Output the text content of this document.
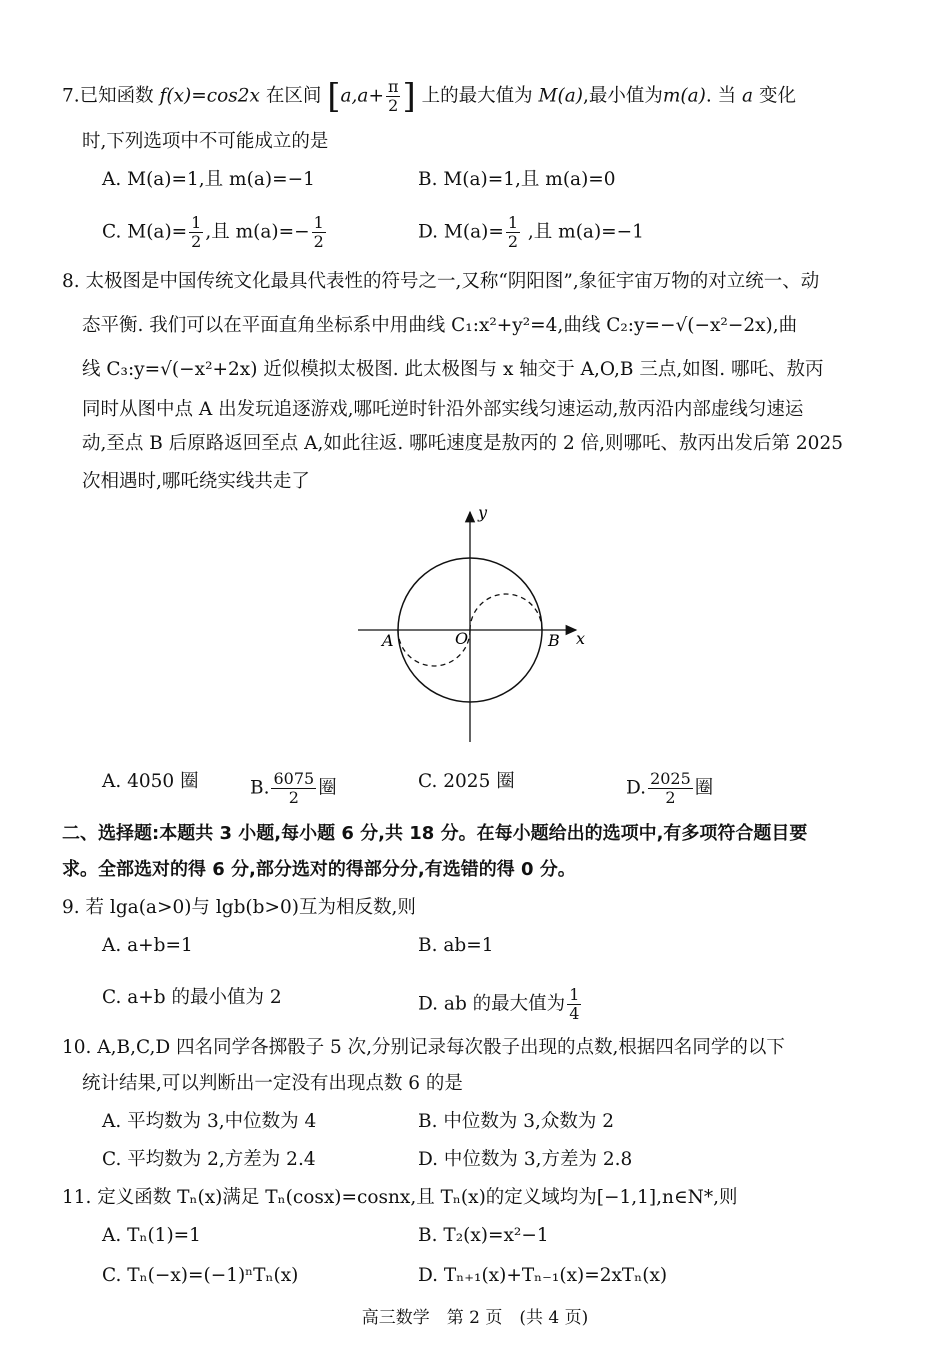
7.已知函数 f(x)=cos2x 在区间 [$a,a+ \frac{\pi}{2}$ ] 上的最大值为 M(a),最小值为m(a). 当 a 变化
时,下列选项中不可能成立的是
A. M(a)=1,且 m(a)=−1	B. M(a)=1,且 m(a)=0
C. $M(a)= \frac{1}{2}$ ,且 $m(a)=- \frac{1}{2}$	D. $M(a)= \frac{1}{2}$ ,且 m(a)=−1
8. 太极图是中国传统文化最具代表性的符号之一,又称“阴阳图”,象征宇宙万物的对立统一、动
态平衡. 我们可以在平面直角坐标系中用曲线 C₁:x²+y²=4,曲线 C₂:y=−√(−x²−2x),曲
线 C₃:y=√(−x²+2x) 近似模拟太极图. 此太极图与 x 轴交于 A,O,B 三点,如图. 哪吒、敖丙
同时从图中点 A 出发玩追逐游戏,哪吒逆时针沿外部实线匀速运动,敖丙沿内部虚线匀速运
动,至点 B 后原路返回至点 A,如此往返. 哪吒速度是敖丙的 2 倍,则哪吒、敖丙出发后第 2025
次相遇时,哪吒绕实线共走了
y
x
A	O	B
A. 4050 圈	B. $\frac{6075}{2}$ 圈	C. 2025 圈	D. $\frac{2025}{2}$ 圈
二、选择题:本题共 3 小题,每小题 6 分,共 18 分。在每小题给出的选项中,有多项符合题目要
求。全部选对的得 6 分,部分选对的得部分分,有选错的得 0 分。
9. 若 lga(a>0)与 lgb(b>0)互为相反数,则
A. a+b=1	B. ab=1
C. a+b 的最小值为 2	D. ab 的最大值为 $\frac{1}{4}$
10. A,B,C,D 四名同学各掷骰子 5 次,分别记录每次骰子出现的点数,根据四名同学的以下
统计结果,可以判断出一定没有出现点数 6 的是
A. 平均数为 3,中位数为 4	B. 中位数为 3,众数为 2
C. 平均数为 2,方差为 2.4	D. 中位数为 3,方差为 2.8
11. 定义函数 Tₙ(x)满足 Tₙ(cosx)=cosnx,且 Tₙ(x)的定义域均为[−1,1],n∈N*,则
A. Tₙ(1)=1	B. T₂(x)=x²−1
C. Tₙ(−x)=(−1)ⁿTₙ(x)	D. Tₙ₊₁(x)+Tₙ₋₁(x)=2xTₙ(x)
高三数学　第 2 页　(共 4 页)
